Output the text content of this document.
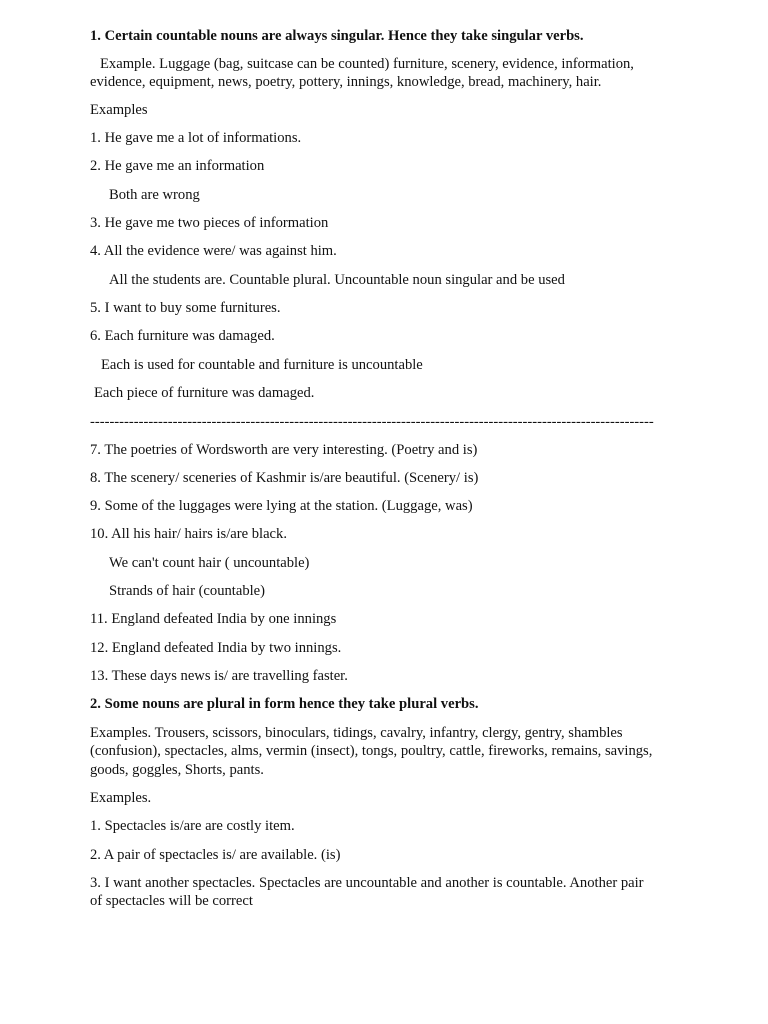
1. Certain countable nouns are always singular. Hence they take singular verbs.
Example. Luggage (bag, suitcase can be counted) furniture, scenery, evidence, information,
evidence, equipment, news, poetry, pottery, innings, knowledge, bread, machinery, hair.
Examples
1. He gave me a lot of informations.
2. He gave me an information
Both are wrong
3. He gave me two pieces of information
4. All the evidence were/ was against him.
All the students are. Countable plural. Uncountable noun singular and be used
5. I want to buy some furnitures.
6. Each furniture was damaged.
Each is used for countable and furniture is uncountable
Each piece of furniture was damaged.
--------------------------------------------------------------------------------------------------------------------
7. The poetries of Wordsworth are very interesting. (Poetry and is)
8. The scenery/ sceneries of Kashmir is/are beautiful. (Scenery/ is)
9. Some of the luggages were lying at the station. (Luggage, was)
10. All his hair/ hairs is/are black.
We can't count hair ( uncountable)
Strands of hair (countable)
11. England defeated India by one innings
12. England defeated India by two innings.
13. These days news is/ are travelling faster.
2. Some nouns are plural in form hence they take plural verbs.
Examples. Trousers, scissors, binoculars, tidings, cavalry, infantry, clergy, gentry, shambles
(confusion), spectacles, alms, vermin (insect), tongs, poultry, cattle, fireworks, remains, savings,
goods, goggles, Shorts, pants.
Examples.
1. Spectacles is/are are costly item.
2. A pair of spectacles is/ are available. (is)
3. I want another spectacles. Spectacles are uncountable and another is countable. Another pair
of spectacles will be correct
